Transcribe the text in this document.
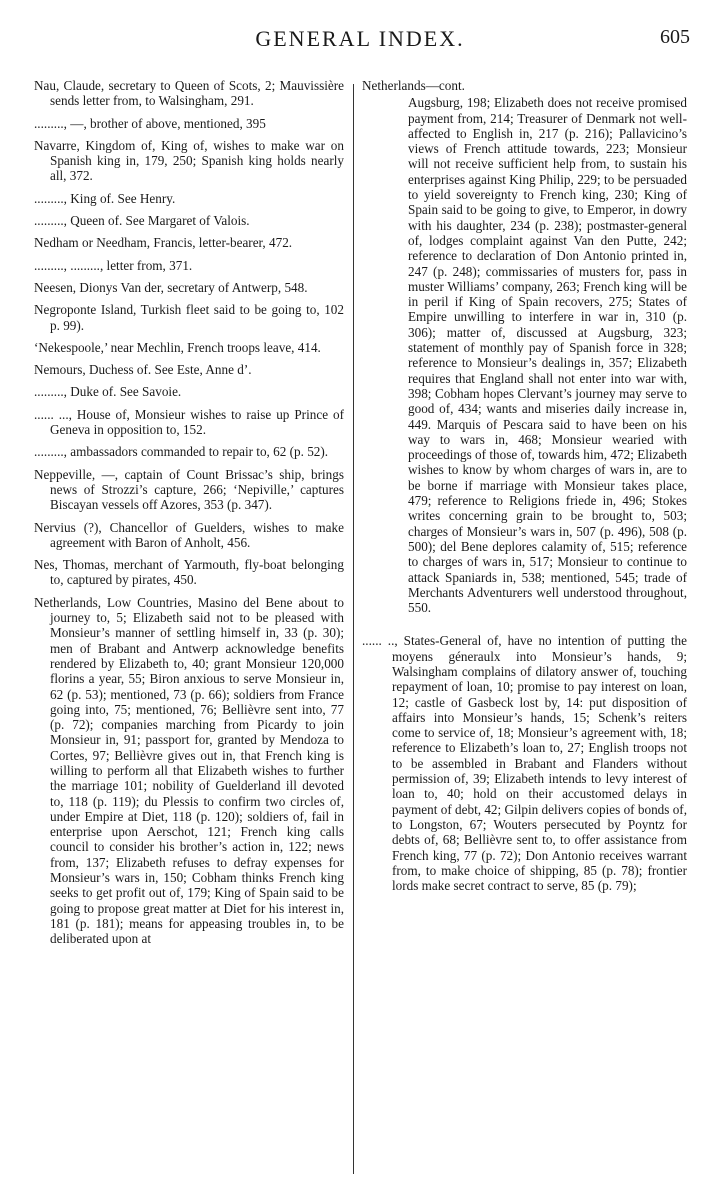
GENERAL INDEX.	605

Nau, Claude, secretary to Queen of Scots, 2; Mauvissière sends letter from, to Walsingham, 291.

........., —, brother of above, mentioned, 395

Navarre, Kingdom of, King of, wishes to make war on Spanish king in, 179, 250; Spanish king holds nearly all, 372.

........., King of. See Henry.

........., Queen of. See Margaret of Valois.

Nedham or Needham, Francis, letter-bearer, 472.

........., ........., letter from, 371.

Neesen, Dionys Van der, secretary of Antwerp, 548.

Negroponte Island, Turkish fleet said to be going to, 102 p. 99).

‘Nekespoole,’ near Mechlin, French troops leave, 414.

Nemours, Duchess of. See Este, Anne d’.

........., Duke of. See Savoie.

...... ..., House of, Monsieur wishes to raise up Prince of Geneva in opposition to, 152.

........., ambassadors commanded to repair to, 62 (p. 52).

Neppeville, —, captain of Count Brissac’s ship, brings news of Strozzi’s capture, 266; ‘Nepiville,’ captures Biscayan vessels off Azores, 353 (p. 347).

Nervius (?), Chancellor of Guelders, wishes to make agreement with Baron of Anholt, 456.

Nes, Thomas, merchant of Yarmouth, fly-boat belonging to, captured by pirates, 450.

Netherlands, Low Countries, Masino del Bene about to journey to, 5; Elizabeth said not to be pleased with Monsieur’s manner of settling himself in, 33 (p. 30); men of Brabant and Antwerp acknowledge benefits rendered by Elizabeth to, 40; grant Monsieur 120,000 florins a year, 55; Biron anxious to serve Monsieur in, 62 (p. 53); mentioned, 73 (p. 66); soldiers from France going into, 75; mentioned, 76; Bellièvre sent into, 77 (p. 72); companies marching from Picardy to join Monsieur in, 91; passport for, granted by Mendoza to Cortes, 97; Bellièvre gives out in, that French king is willing to perform all that Elizabeth wishes to further the marriage 101; nobility of Guelderland ill devoted to, 118 (p. 119); du Plessis to confirm two circles of, under Empire at Diet, 118 (p. 120); soldiers of, fail in enterprise upon Aerschot, 121; French king calls council to consider his brother’s action in, 122; news from, 137; Elizabeth refuses to defray expenses for Monsieur’s wars in, 150; Cobham thinks French king seeks to get profit out of, 179; King of Spain said to be going to propose great matter at Diet for his interest in, 181 (p. 181); means for appeasing troubles in, to be deliberated upon at

Netherlands—cont.

Augsburg, 198; Elizabeth does not receive promised payment from, 214; Treasurer of Denmark not well-affected to English in, 217 (p. 216); Pallavicino’s views of French attitude towards, 223; Monsieur will not receive sufficient help from, to sustain his enterprises against King Philip, 229; to be persuaded to yield sovereignty to French king, 230; King of Spain said to be going to give, to Emperor, in dowry with his daughter, 234 (p. 238); postmaster-general of, lodges complaint against Van den Putte, 242; reference to declaration of Don Antonio printed in, 247 (p. 248); commissaries of musters for, pass in muster Williams’ company, 263; French king will be in peril if King of Spain recovers, 275; States of Empire unwilling to interfere in war in, 310 (p. 306); matter of, discussed at Augsburg, 323; statement of monthly pay of Spanish force in 328; reference to Monsieur’s dealings in, 357; Elizabeth requires that England shall not enter into war with, 398; Cobham hopes Clervant’s journey may serve to good of, 434; wants and miseries daily increase in, 449. Marquis of Pescara said to have been on his way to wars in, 468; Monsieur wearied with proceedings of those of, towards him, 472; Elizabeth wishes to know by whom charges of wars in, are to be borne if marriage with Monsieur takes place, 479; reference to Religions friede in, 496; Stokes writes concerning grain to be brought to, 503; charges of Monsieur’s wars in, 507 (p. 496), 508 (p. 500); del Bene deplores calamity of, 515; reference to charges of wars in, 517; Monsieur to continue to attack Spaniards in, 538; mentioned, 545; trade of Merchants Adventurers well understood throughout, 550.

...... .., States-General of, have no intention of putting the moyens géneraulx into Monsieur’s hands, 9; Walsingham complains of dilatory answer of, touching repayment of loan, 10; promise to pay interest on loan, 12; castle of Gasbeck lost by, 14: put disposition of affairs into Monsieur’s hands, 15; Schenk’s reiters come to service of, 18; Monsieur’s agreement with, 18; reference to Elizabeth’s loan to, 27; English troops not to be assembled in Brabant and Flanders without permission of, 39; Elizabeth intends to levy interest of loan to, 40; hold on their accustomed delays in payment of debt, 42; Gilpin delivers copies of bonds of, to Longston, 67; Wouters persecuted by Poyntz for debts of, 68; Bellièvre sent to, to offer assistance from French king, 77 (p. 72); Don Antonio receives warrant from, to make choice of shipping, 85 (p. 78); frontier lords make secret contract to serve, 85 (p. 79);
